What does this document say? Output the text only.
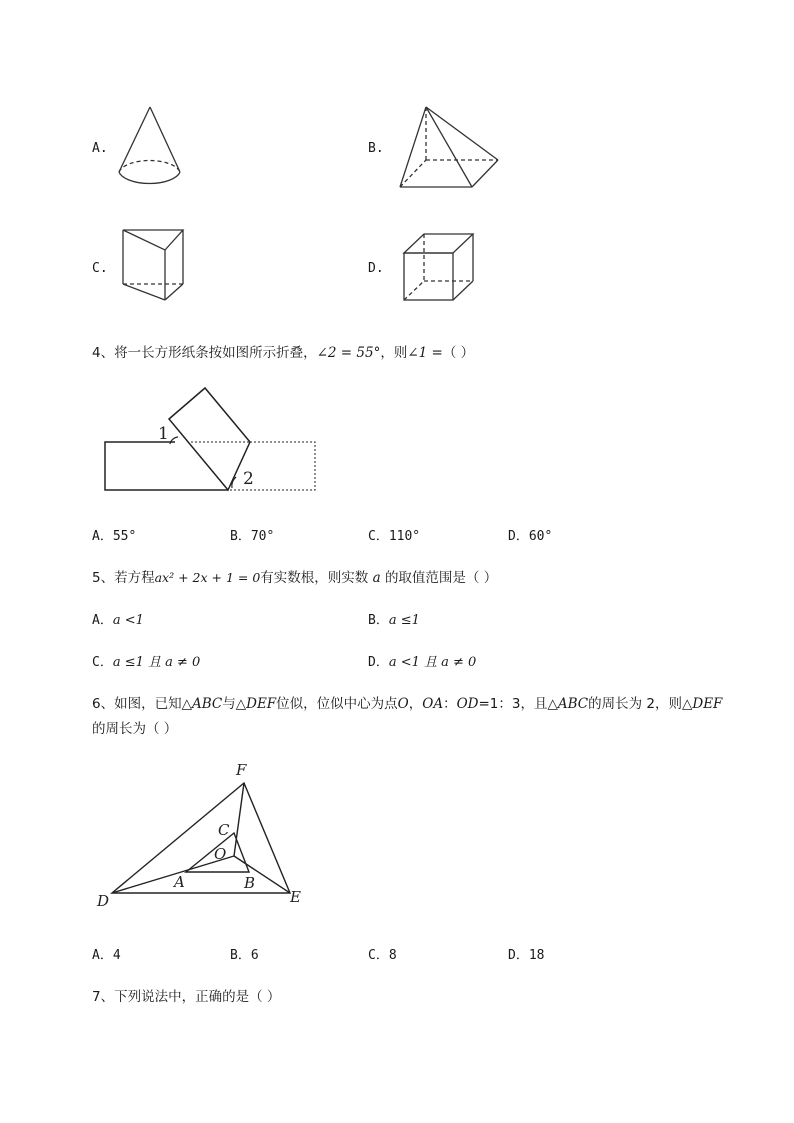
A.	B.
C.	D.
4、将一长方形纸条按如图所示折叠，∠2 = 55°，则∠1 =（ ）
1
2
A．55°	B．70°	C．110°	D．60°
5、若方程ax² + 2x + 1 = 0有实数根，则实数 a 的取值范围是（ ）
A．a <1	B．a ≤1
C．a ≤1 且 a ≠ 0	D．a <1 且 a ≠ 0
6、如图，已知△ABC与△DEF位似，位似中心为点O，OA：OD=1：3，且△ABC的周长为 2，则△DEF
的周长为（ ）
F
C
O
A	B
D	E
A．4	B．6	C．8	D．18
7、下列说法中，正确的是（ ）
